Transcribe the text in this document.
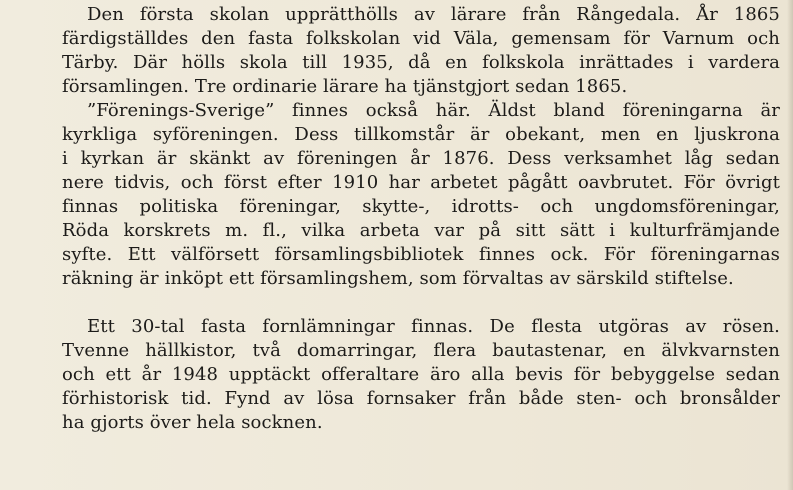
Den första skolan upprätthölls av lärare från Rångedala. År 1865
färdigställdes den fasta folkskolan vid Väla, gemensam för Varnum och
Tärby. Där hölls skola till 1935, då en folkskola inrättades i vardera
församlingen. Tre ordinarie lärare ha tjänstgjort sedan 1865.
”Förenings-Sverige” finnes också här. Äldst bland föreningarna är
kyrkliga syföreningen. Dess tillkomstår är obekant, men en ljuskrona
i kyrkan är skänkt av föreningen år 1876. Dess verksamhet låg sedan
nere tidvis, och först efter 1910 har arbetet pågått oavbrutet. För övrigt
finnas politiska föreningar, skytte-, idrotts- och ungdomsföreningar,
Röda korskrets m. fl., vilka arbeta var på sitt sätt i kulturfrämjande
syfte. Ett välförsett församlingsbibliotek finnes ock. För föreningarnas
räkning är inköpt ett församlingshem, som förvaltas av särskild stiftelse.
Ett 30-tal fasta fornlämningar finnas. De flesta utgöras av rösen.
Tvenne hällkistor, två domarringar, flera bautastenar, en älvkvarnsten
och ett år 1948 upptäckt offeraltare äro alla bevis för bebyggelse sedan
förhistorisk tid. Fynd av lösa fornsaker från både sten- och bronsålder
ha gjorts över hela socknen.
